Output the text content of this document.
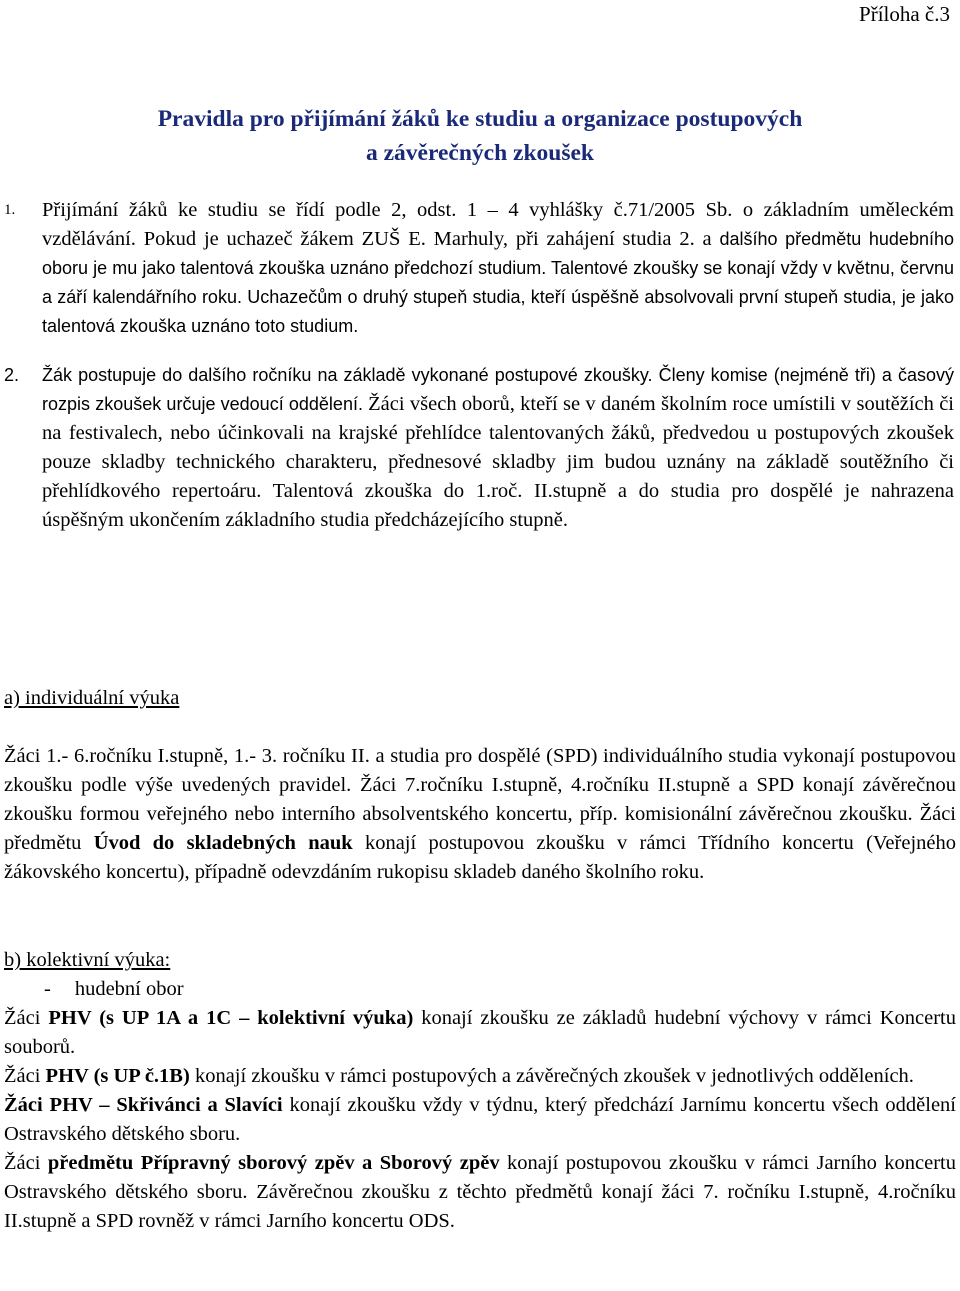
Příloha č.3
Pravidla pro přijímání žáků ke studiu a organizace postupových
a závěrečných zkoušek
1. Přijímání žáků ke studiu se řídí podle 2, odst. 1 – 4 vyhlášky č.71/2005 Sb. o základním uměleckém vzdělávání. Pokud je uchazeč žákem ZUŠ E. Marhuly, při zahájení studia 2. a dalšího předmětu hudebního oboru je mu jako talentová zkouška uznáno předchozí studium. Talentové zkoušky se konají vždy v květnu, červnu a září kalendářního roku. Uchazečům o druhý stupeň studia, kteří úspěšně absolvovali první stupeň studia, je jako talentová zkouška uznáno toto studium.
2. Žák postupuje do dalšího ročníku na základě vykonané postupové zkoušky. Členy komise (nejméně tři) a časový rozpis zkoušek určuje vedoucí oddělení. Žáci všech oborů, kteří se v daném školním roce umístili v soutěžích či na festivalech, nebo účinkovali na krajské přehlídce talentovaných žáků, předvedou u postupových zkoušek pouze skladby technického charakteru, přednesové skladby jim budou uznány na základě soutěžního či přehlídkového repertoáru. Talentová zkouška do 1.roč. II.stupně a do studia pro dospělé je nahrazena úspěšným ukončením základního studia předcházejícího stupně.

a) individuální výuka

Žáci 1.- 6.ročníku I.stupně, 1.- 3. ročníku II. a studia pro dospělé (SPD) individuálního studia vykonají postupovou zkoušku podle výše uvedených pravidel. Žáci 7.ročníku I.stupně, 4.ročníku II.stupně a SPD konají závěrečnou zkoušku formou veřejného nebo interního absolventského koncertu, příp. komisionální závěrečnou zkoušku. Žáci předmětu Úvod do skladebných nauk konají postupovou zkoušku v rámci Třídního koncertu (Veřejného žákovského koncertu), případně odevzdáním rukopisu skladeb daného školního roku.

b) kolektivní výuka:

- hudební obor

Žáci PHV (s UP 1A a 1C – kolektivní výuka) konají zkoušku ze základů hudební výchovy v rámci Koncertu souborů.

Žáci PHV (s UP č.1B) konají zkoušku v rámci postupových a závěrečných zkoušek v jednotlivých odděleních.

Žáci PHV – Skřivánci a Slavíci konají zkoušku vždy v týdnu, který předchází Jarnímu koncertu všech oddělení Ostravského dětského sboru.

Žáci předmětu Přípravný sborový zpěv a Sborový zpěv konají postupovou zkoušku v rámci Jarního koncertu Ostravského dětského sboru. Závěrečnou zkoušku z těchto předmětů konají žáci 7. ročníku I.stupně, 4.ročníku II.stupně a SPD rovněž v rámci Jarního koncertu ODS.
